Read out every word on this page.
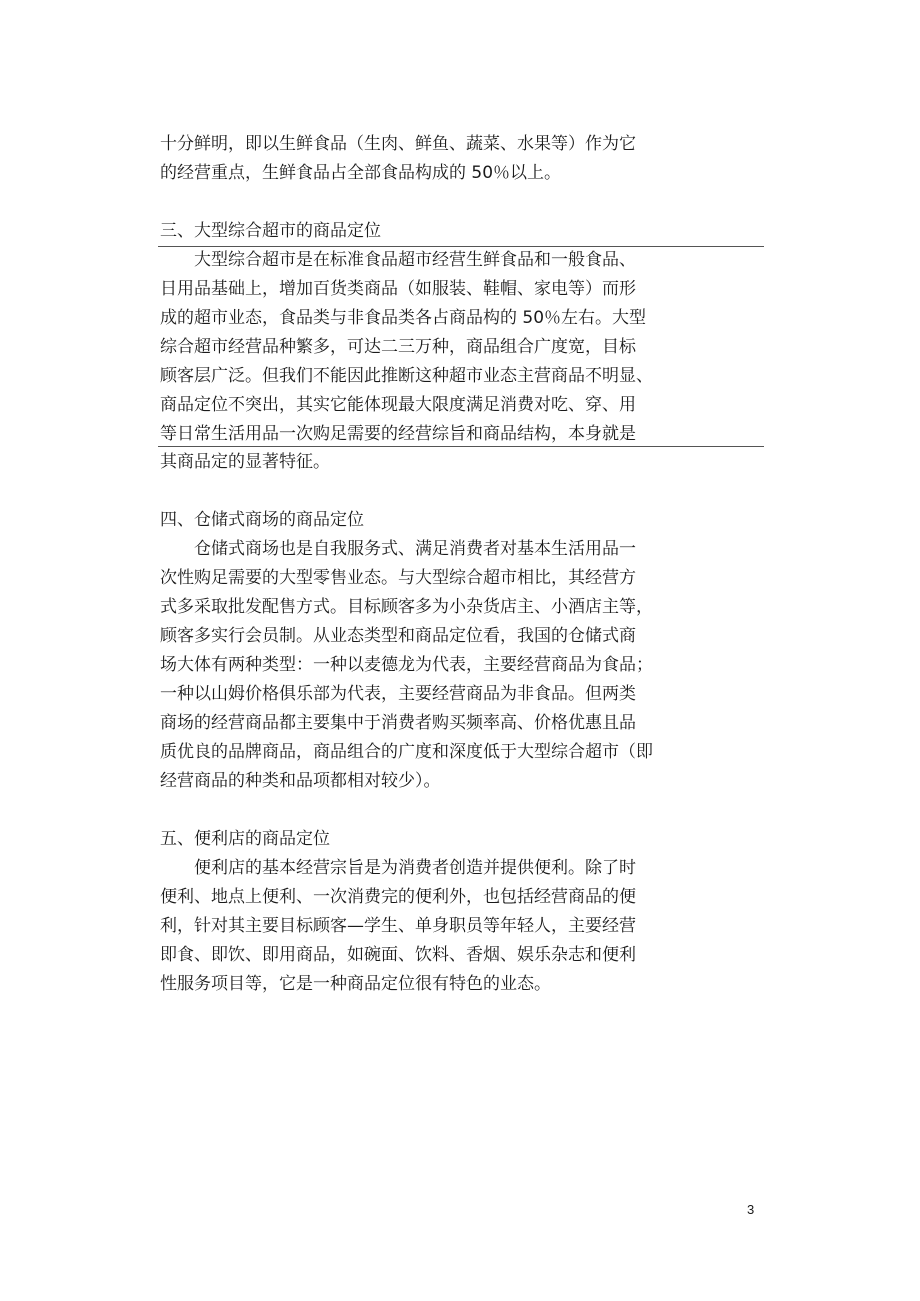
十分鲜明，即以生鲜食品（生肉、鲜鱼、蔬菜、水果等）作为它
的经营重点，生鲜食品占全部食品构成的 50％以上。
三、大型综合超市的商品定位
大型综合超市是在标准食品超市经营生鲜食品和一般食品、
日用品基础上，增加百货类商品（如服装、鞋帽、家电等）而形
成的超市业态，食品类与非食品类各占商品构的 50％左右。大型
综合超市经营品种繁多，可达二三万种，商品组合广度宽，目标
顾客层广泛。但我们不能因此推断这种超市业态主营商品不明显、
商品定位不突出，其实它能体现最大限度满足消费对吃、穿、用
等日常生活用品一次购足需要的经营综旨和商品结构，本身就是
其商品定的显著特征。
四、仓储式商场的商品定位
仓储式商场也是自我服务式、满足消费者对基本生活用品一
次性购足需要的大型零售业态。与大型综合超市相比，其经营方
式多采取批发配售方式。目标顾客多为小杂货店主、小酒店主等，
顾客多实行会员制。从业态类型和商品定位看，我国的仓储式商
场大体有两种类型：一种以麦德龙为代表，主要经营商品为食品；
一种以山姆价格俱乐部为代表，主要经营商品为非食品。但两类
商场的经营商品都主要集中于消费者购买频率高、价格优惠且品
质优良的品牌商品，商品组合的广度和深度低于大型综合超市（即
经营商品的种类和品项都相对较少）。
五、便利店的商品定位
便利店的基本经营宗旨是为消费者创造并提供便利。除了时
便利、地点上便利、一次消费完的便利外，也包括经营商品的便
利，针对其主要目标顾客—学生、单身职员等年轻人，主要经营
即食、即饮、即用商品，如碗面、饮料、香烟、娱乐杂志和便利
性服务项目等，它是一种商品定位很有特色的业态。
3
